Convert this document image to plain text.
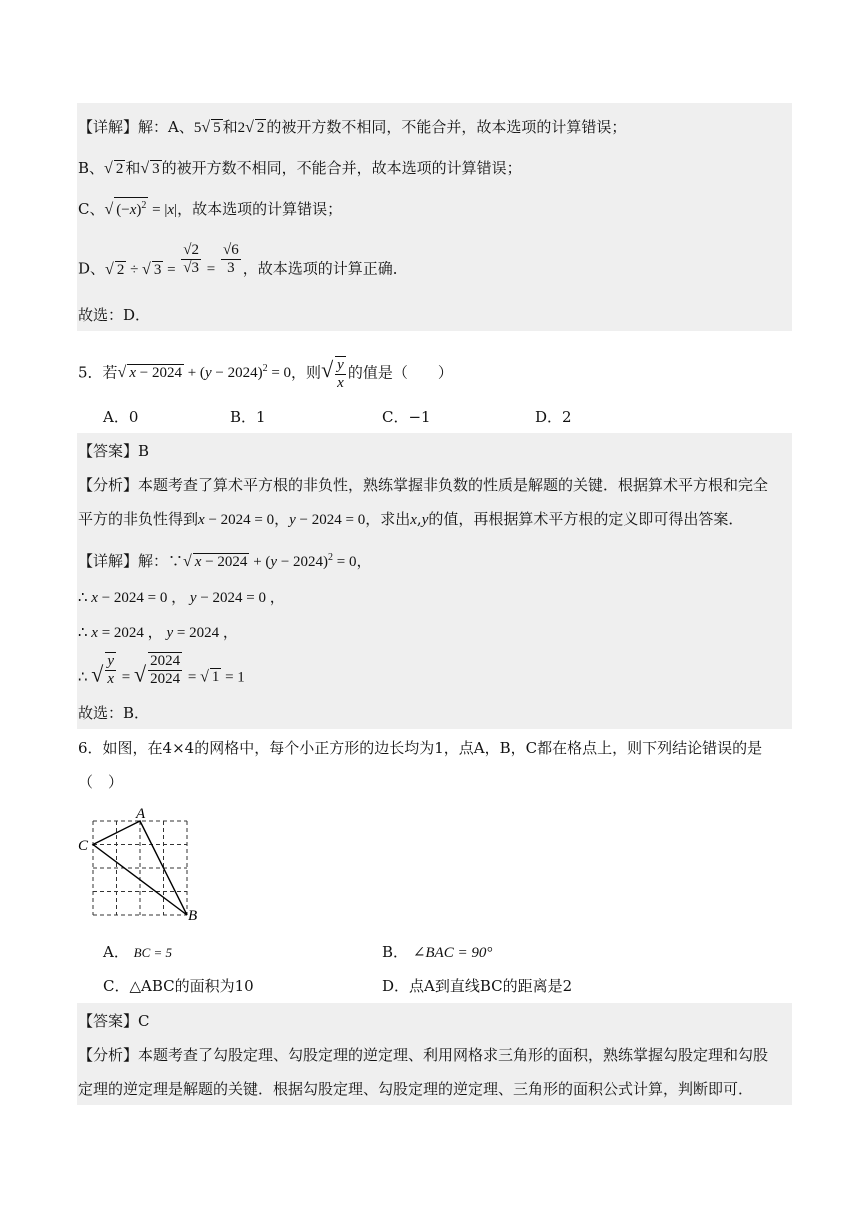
【详解】解：A、5√ 5 和2√ 2 的被开方数不相同，不能合并，故本选项的计算错误；
B、√ 2 和√ 3 的被开方数不相同，不能合并，故本选项的计算错误；
C、√ $(-x)^2 = |x|$，故本选项的计算错误；
D、√ 2 ÷ √ $3 = \frac{√2}{√3} = \frac{√6}{3}$ ，故本选项的计算正确．
故选：D．
5．若√ $x - 2024 + (y - 2024)^2 = 0$，则√ $\frac{y}{x}$ 的值是（　　）
A．0	B．1	C．−1	D．2
【答案】B
【分析】本题考查了算术平方根的非负性，熟练掌握非负数的性质是解题的关键．根据算术平方根和完全
平方的非负性得到x − 2024 = 0，y − 2024 = 0，求出x,y的值，再根据算术平方根的定义即可得出答案．
【详解】解：∵√ $x - 2024 + (y - 2024)^2 = 0$，
∴ x − 2024 = 0 ， y − 2024 = 0 ，
∴ x = 2024 ， y = 2024 ，
∴ √ $\frac{y}{x}$ = √ $\frac{2024}{2024}$ = √ 1 = 1
故选：B．
6．如图，在4×4的网格中，每个小正方形的边长均为1，点A，B，C都在格点上，则下列结论错误的是
（　）
A
C
B
A． BC = 5	B． ∠BAC = 90°
C．△ABC的面积为10	D．点A到直线BC的距离是2
【答案】C
【分析】本题考查了勾股定理、勾股定理的逆定理、利用网格求三角形的面积，熟练掌握勾股定理和勾股
定理的逆定理是解题的关键．根据勾股定理、勾股定理的逆定理、三角形的面积公式计算，判断即可．
